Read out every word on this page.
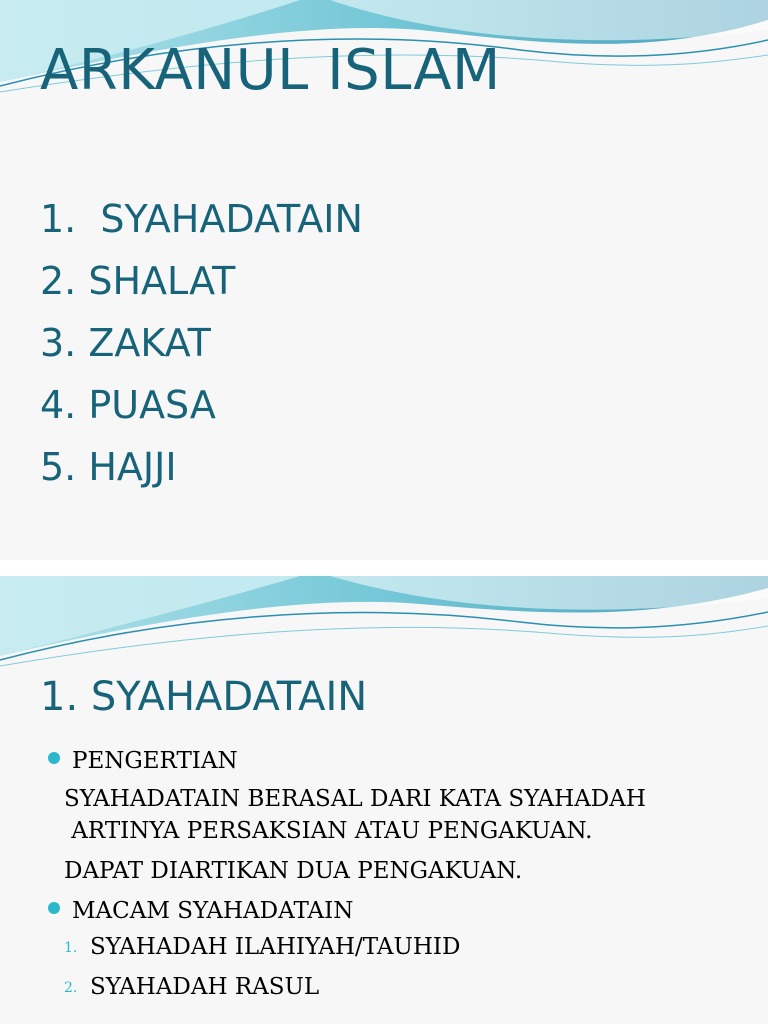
ARKANUL ISLAM
1.  SYAHADATAIN
2. SHALAT
3. ZAKAT
4. PUASA
5. HAJJI
1. SYAHADATAIN
PENGERTIAN
SYAHADATAIN BERASAL DARI KATA SYAHADAH
ARTINYA PERSAKSIAN ATAU PENGAKUAN.
DAPAT DIARTIKAN DUA PENGAKUAN.
MACAM SYAHADATAIN
1. SYAHADAH ILAHIYAH/TAUHID
2. SYAHADAH RASUL
